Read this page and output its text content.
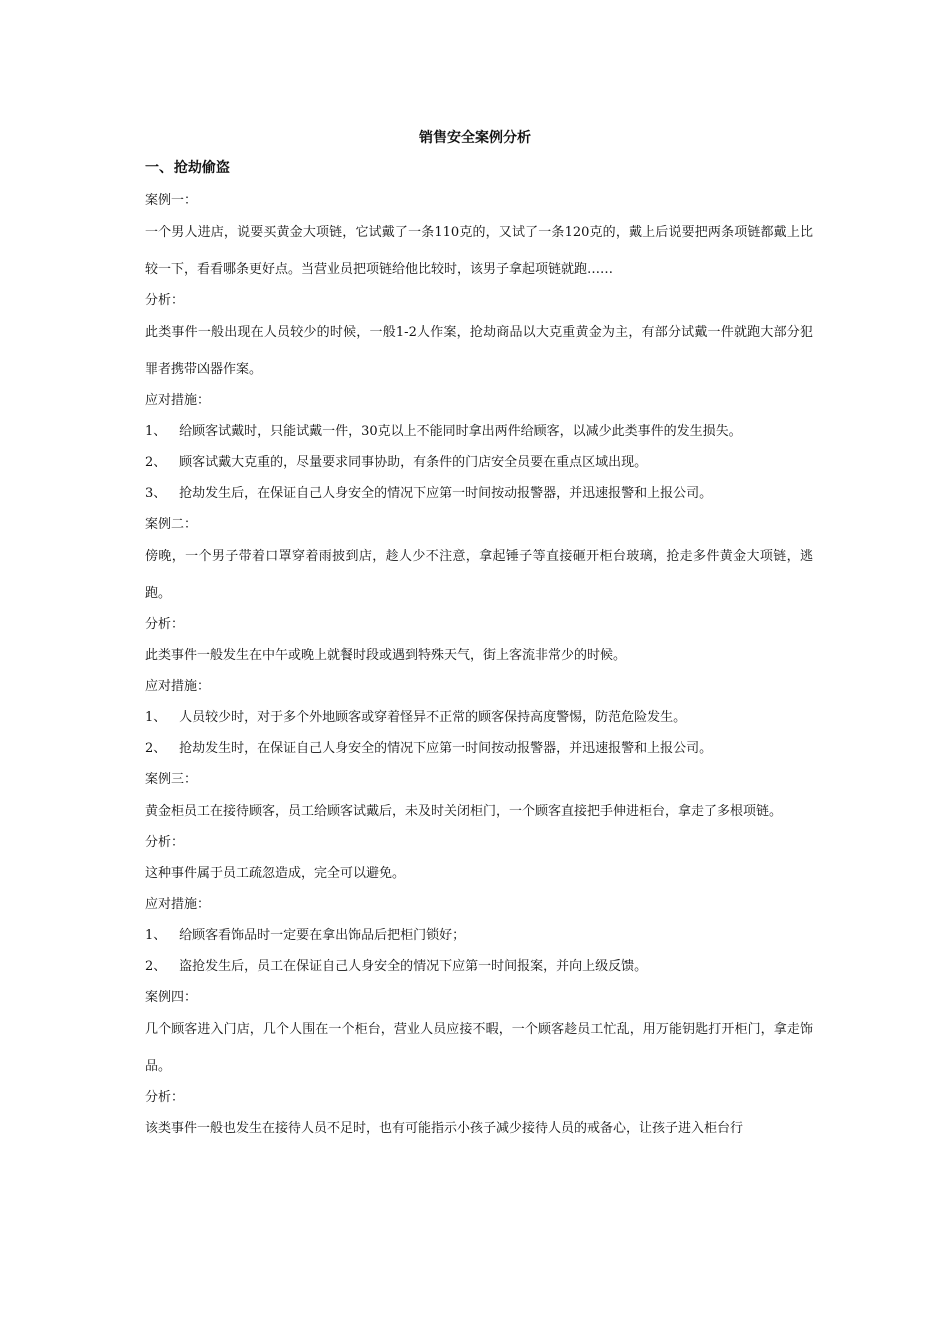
销售安全案例分析
一、 抢劫偷盗
案例一：
一个男人进店，说要买黄金大项链，它试戴了一条110克的，又试了一条120克的，戴上后说要把两条项链都戴上比较一下，看看哪条更好点。当营业员把项链给他比较时，该男子拿起项链就跑……
分析：
此类事件一般出现在人员较少的时候，一般1-2人作案，抢劫商品以大克重黄金为主，有部分试戴一件就跑大部分犯罪者携带凶器作案。
应对措施：
1、 给顾客试戴时，只能试戴一件，30克以上不能同时拿出两件给顾客，以减少此类事件的发生损失。
2、 顾客试戴大克重的，尽量要求同事协助，有条件的门店安全员要在重点区域出现。
3、 抢劫发生后，在保证自己人身安全的情况下应第一时间按动报警器，并迅速报警和上报公司。
案例二：
傍晚，一个男子带着口罩穿着雨披到店，趁人少不注意，拿起锤子等直接砸开柜台玻璃，抢走多件黄金大项链，逃跑。
分析：
此类事件一般发生在中午或晚上就餐时段或遇到特殊天气，街上客流非常少的时候。
应对措施：
1、 人员较少时，对于多个外地顾客或穿着怪异不正常的顾客保持高度警惕，防范危险发生。
2、 抢劫发生时，在保证自己人身安全的情况下应第一时间按动报警器，并迅速报警和上报公司。
案例三：
黄金柜员工在接待顾客，员工给顾客试戴后，未及时关闭柜门，一个顾客直接把手伸进柜台，拿走了多根项链。
分析：
这种事件属于员工疏忽造成，完全可以避免。
应对措施：
1、 给顾客看饰品时一定要在拿出饰品后把柜门锁好；
2、 盗抢发生后，员工在保证自己人身安全的情况下应第一时间报案，并向上级反馈。
案例四：
几个顾客进入门店，几个人围在一个柜台，营业人员应接不暇，一个顾客趁员工忙乱，用万能钥匙打开柜门，拿走饰品。
分析：
该类事件一般也发生在接待人员不足时，也有可能指示小孩子减少接待人员的戒备心，让孩子进入柜台行
